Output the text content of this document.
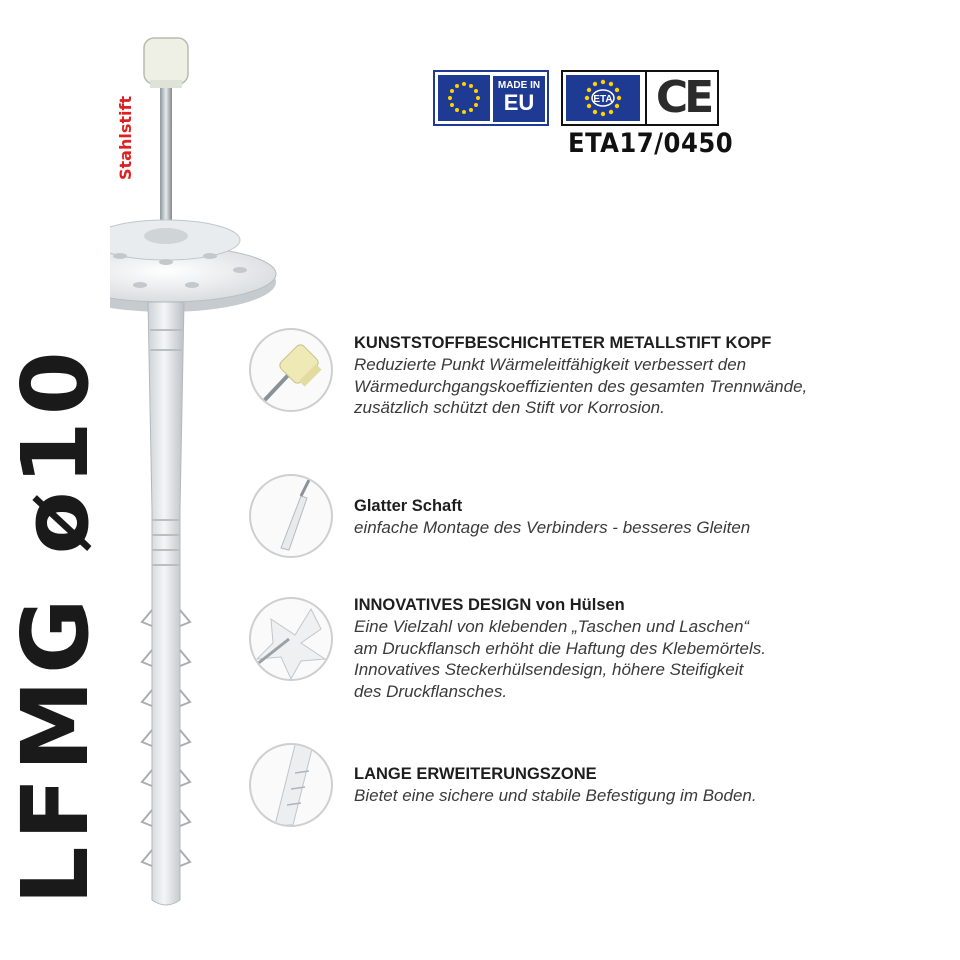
LFMG ø10
Stahlstift
MADE IN
EU	ETA CE
ETA17/0450
KUNSTSTOFFBESCHICHTETER METALLSTIFT KOPF
Reduzierte Punkt Wärmeleitfähigkeit verbessert den
Wärmedurchgangskoeffizienten des gesamten Trennwände,
zusätzlich schützt den Stift vor Korrosion.
Glatter Schaft
einfache Montage des Verbinders - besseres Gleiten
INNOVATIVES DESIGN von Hülsen
Eine Vielzahl von klebenden „Taschen und Laschen“
am Druckflansch erhöht die Haftung des Klebemörtels.
Innovatives Steckerhülsendesign, höhere Steifigkeit
des Druckflansches.
LANGE ERWEITERUNGSZONE
Bietet eine sichere und stabile Befestigung im Boden.
